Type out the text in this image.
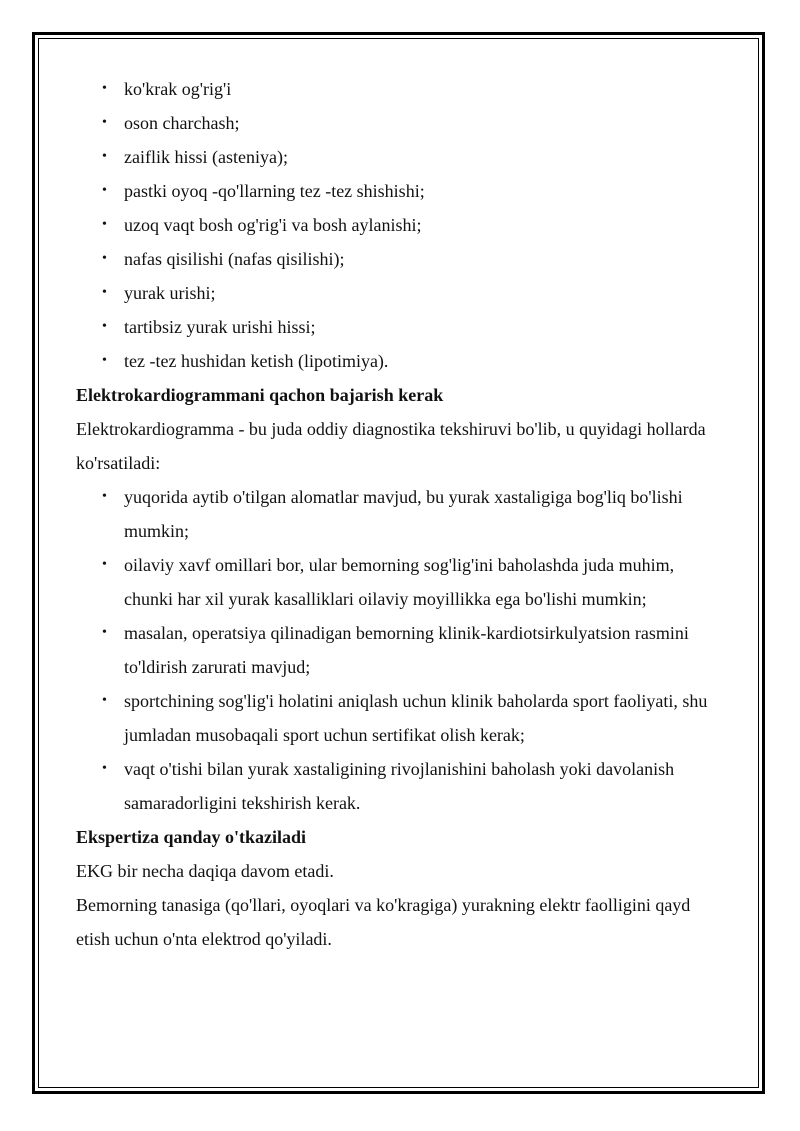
• ko'krak og'rig'i
• oson charchash;
• zaiflik hissi (asteniya);
• pastki oyoq -qo'llarning tez -tez shishishi;
• uzoq vaqt bosh og'rig'i va bosh aylanishi;
• nafas qisilishi (nafas qisilishi);
• yurak urishi;
• tartibsiz yurak urishi hissi;
• tez -tez hushidan ketish (lipotimiya).

Elektrokardiogrammani qachon bajarish kerak

Elektrokardiogramma - bu juda oddiy diagnostika tekshiruvi bo'lib, u quyidagi hollarda ko'rsatiladi:

• yuqorida aytib o'tilgan alomatlar mavjud, bu yurak xastaligiga bog'liq bo'lishi mumkin;
• oilaviy xavf omillari bor, ular bemorning sog'lig'ini baholashda juda muhim, chunki har xil yurak kasalliklari oilaviy moyillikka ega bo'lishi mumkin;
• masalan, operatsiya qilinadigan bemorning klinik-kardiotsirkulyatsion rasmini to'ldirish zarurati mavjud;
• sportchining sog'lig'i holatini aniqlash uchun klinik baholarda sport faoliyati, shu jumladan musobaqali sport uchun sertifikat olish kerak;
• vaqt o'tishi bilan yurak xastaligining rivojlanishini baholash yoki davolanish samaradorligini tekshirish kerak.

Ekspertiza qanday o'tkaziladi

EKG bir necha daqiqa davom etadi.

Bemorning tanasiga (qo'llari, oyoqlari va ko'kragiga) yurakning elektr faolligini qayd etish uchun o'nta elektrod qo'yiladi.
